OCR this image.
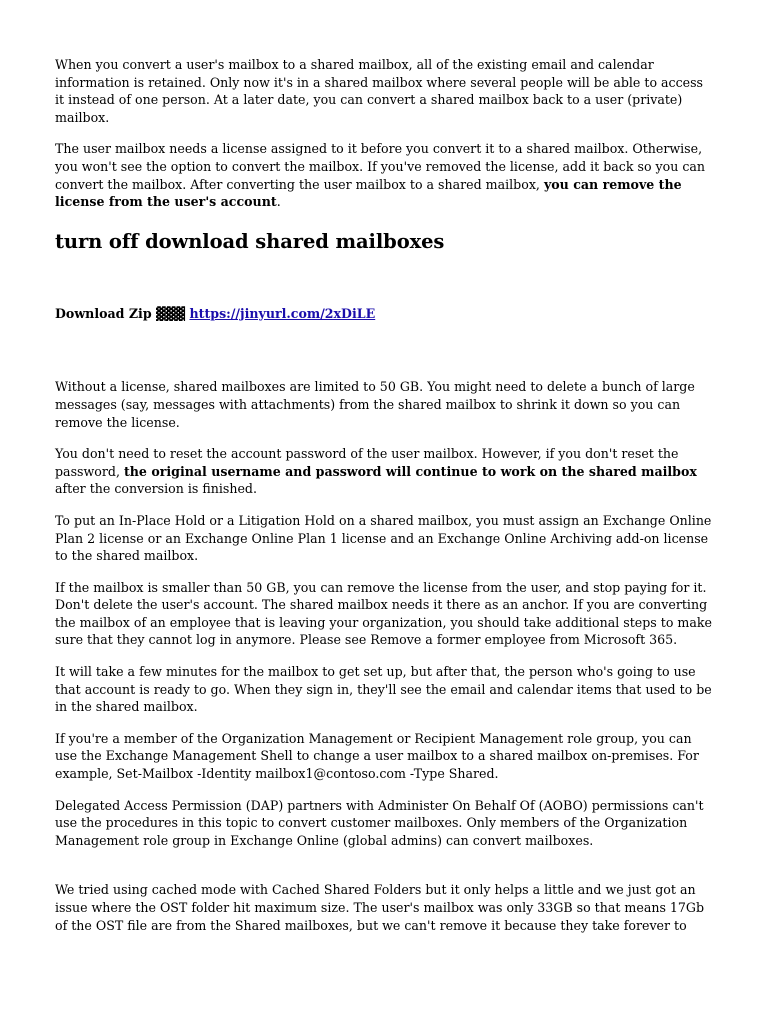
When you convert a user's mailbox to a shared mailbox, all of the existing email and calendar information is retained. Only now it's in a shared mailbox where several people will be able to access it instead of one person. At a later date, you can convert a shared mailbox back to a user (private) mailbox.

The user mailbox needs a license assigned to it before you convert it to a shared mailbox. Otherwise, you won't see the option to convert the mailbox. If you've removed the license, add it back so you can convert the mailbox. After converting the user mailbox to a shared mailbox, you can remove the license from the user's account.

turn off download shared mailboxes

Download Zip ▓▓▓ https://jinyurl.com/2xDiLE

Without a license, shared mailboxes are limited to 50 GB. You might need to delete a bunch of large messages (say, messages with attachments) from the shared mailbox to shrink it down so you can remove the license.

You don't need to reset the account password of the user mailbox. However, if you don't reset the password, the original username and password will continue to work on the shared mailbox after the conversion is finished.

To put an In-Place Hold or a Litigation Hold on a shared mailbox, you must assign an Exchange Online Plan 2 license or an Exchange Online Plan 1 license and an Exchange Online Archiving add-on license to the shared mailbox.

If the mailbox is smaller than 50 GB, you can remove the license from the user, and stop paying for it. Don't delete the user's account. The shared mailbox needs it there as an anchor. If you are converting the mailbox of an employee that is leaving your organization, you should take additional steps to make sure that they cannot log in anymore. Please see Remove a former employee from Microsoft 365.

It will take a few minutes for the mailbox to get set up, but after that, the person who's going to use that account is ready to go. When they sign in, they'll see the email and calendar items that used to be in the shared mailbox.

If you're a member of the Organization Management or Recipient Management role group, you can use the Exchange Management Shell to change a user mailbox to a shared mailbox on-premises. For example, Set-Mailbox -Identity mailbox1@contoso.com -Type Shared.

Delegated Access Permission (DAP) partners with Administer On Behalf Of (AOBO) permissions can't use the procedures in this topic to convert customer mailboxes. Only members of the Organization Management role group in Exchange Online (global admins) can convert mailboxes.

We tried using cached mode with Cached Shared Folders but it only helps a little and we just got an issue where the OST folder hit maximum size. The user's mailbox was only 33GB so that means 17Gb of the OST file are from the Shared mailboxes, but we can't remove it because they take forever to
